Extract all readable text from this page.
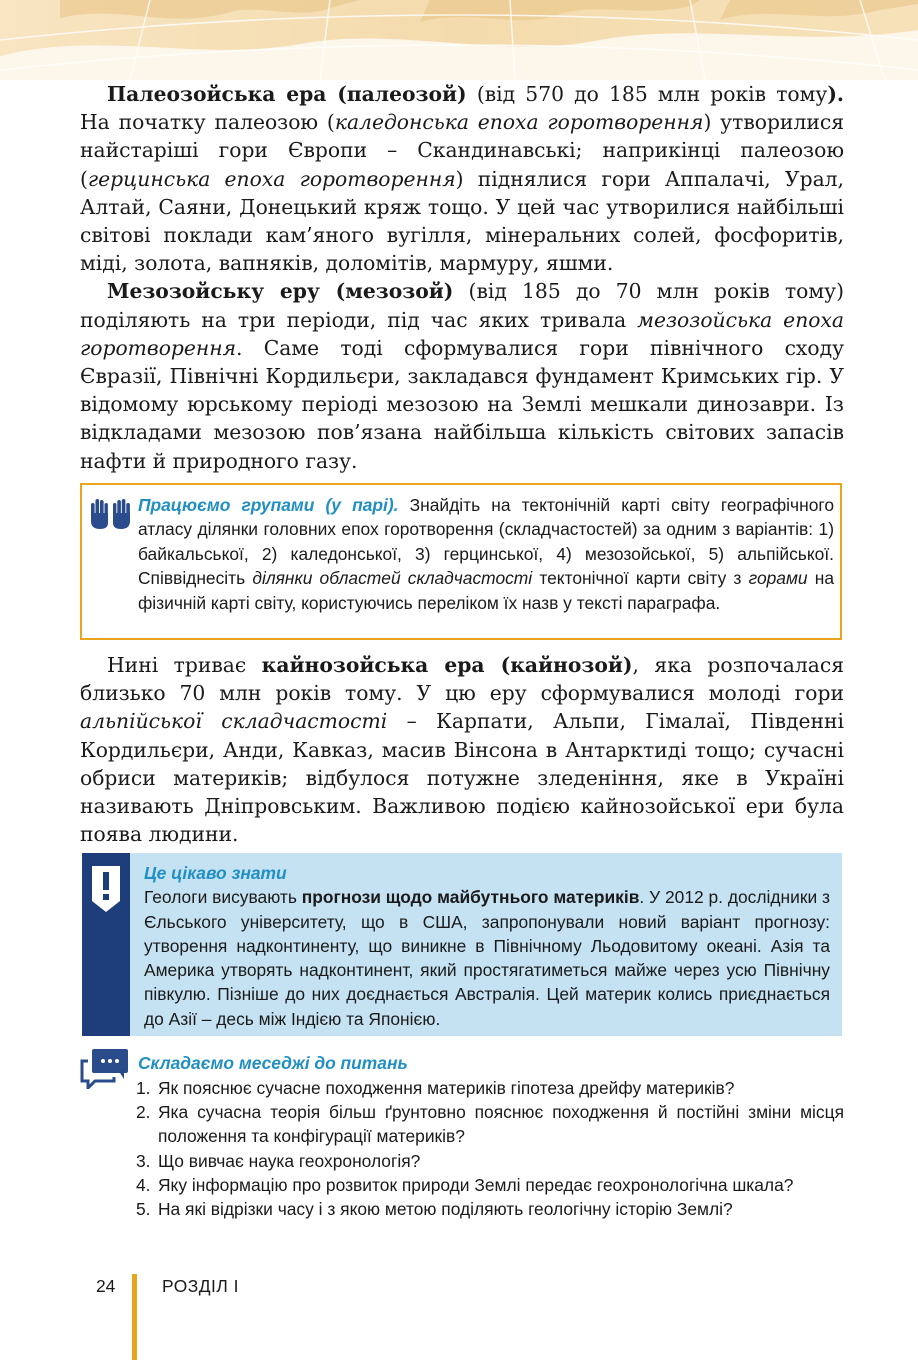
Палеозойська ера (палеозой) (від 570 до 185 млн років тому). На початку палеозою (каледонська епоха горотворення) утворилися найстаріші гори Європи – Скандинавські; наприкінці палеозою (герцинська епоха горотворення) піднялися гори Аппалачі, Урал, Алтай, Саяни, Донецький кряж тощо. У цей час утворилися найбільші світові поклади кам’яного вугілля, мінеральних солей, фосфоритів, міді, золота, вапняків, доломітів, мармуру, яшми.

Мезозойську еру (мезозой) (від 185 до 70 млн років тому) поділяють на три періоди, під час яких тривала мезозойська епоха горотворення. Саме тоді сформувалися гори північного сходу Євразії, Північні Кордильєри, закладався фундамент Кримських гір. У відомому юрському періоді мезозою на Землі мешкали динозаври. Із відкладами мезозою пов’язана найбільша кількість світових запасів нафти й природного газу.

Працюємо групами (у парі). Знайдіть на тектонічній карті світу географічного атласу ділянки головних епох горотворення (складчастостей) за одним з варіантів: 1) байкальської, 2) каледонської, 3) герцинської, 4) мезозойської, 5) альпійської. Співвіднесіть ділянки областей складчастості тектонічної карти світу з горами на фізичній карті світу, користуючись переліком їх назв у тексті параграфа.

Нині триває кайнозойська ера (кайнозой), яка розпочалася близько 70 млн років тому. У цю еру сформувалися молоді гори альпійської складчастості – Карпати, Альпи, Гімалаї, Південні Кордильєри, Анди, Кавказ, масив Вінсона в Антарктиді тощо; сучасні обриси материків; відбулося потужне зледеніння, яке в Україні називають Дніпровським. Важливою подією кайнозойської ери була поява людини.

Це цікаво знати
Геологи висувають прогнози щодо майбутнього материків. У 2012 р. дослідники з Єльського університету, що в США, запропонували новий варіант прогнозу: утворення надконтиненту, що виникне в Північному Льодовитому океані. Азія та Америка утворять надконтинент, який простягатиметься майже через усю Північну півкулю. Пізніше до них доєднається Австралія. Цей материк колись приєднається до Азії – десь між Індією та Японією.
Складаємо меседжі до питань
1. Як пояснює сучасне походження материків гіпотеза дрейфу материків?
2. Яка сучасна теорія більш ґрунтовно пояснює походження й постійні зміни місця положення та конфігурації материків?
3. Що вивчає наука геохронологія?
4. Яку інформацію про розвиток природи Землі передає геохронологічна шкала?
5. На які відрізки часу і з якою метою поділяють геологічну історію Землі?
24	РОЗДІЛ I
